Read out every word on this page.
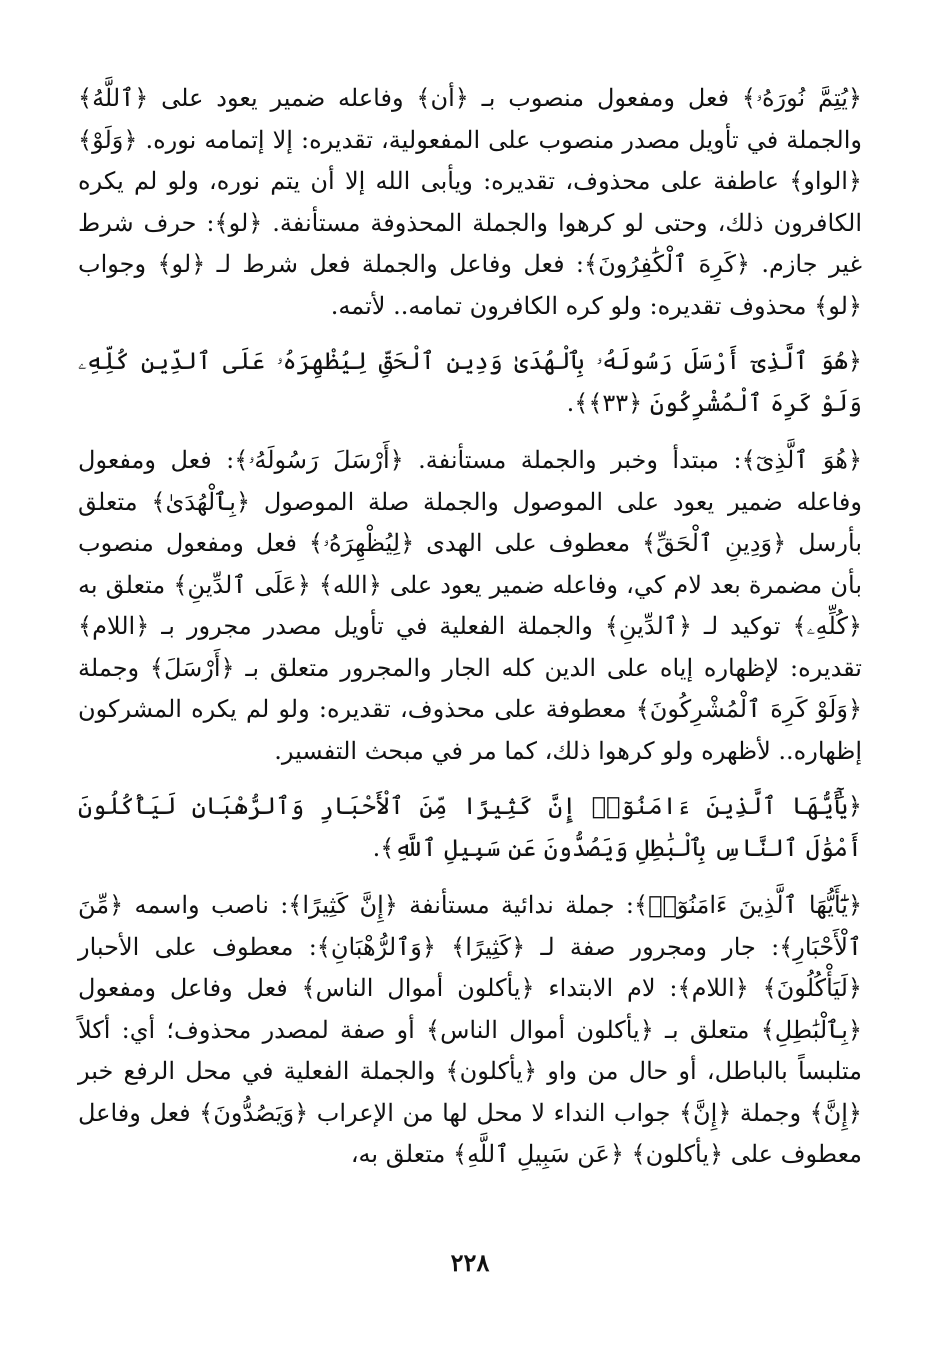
﴿يُتِمَّ نُورَهُۥ﴾ فعل ومفعول منصوب بـ ﴿أن﴾ وفاعله ضمير يعود على ﴿ٱللَّهُ﴾ والجملة في تأويل مصدر منصوب على المفعولية، تقديره: إلا إتمامه نوره. ﴿وَلَوْ﴾ ﴿الواو﴾ عاطفة على محذوف، تقديره: ويأبى الله إلا أن يتم نوره، ولو لم يكره الكافرون ذلك، وحتى لو كرهوا والجملة المحذوفة مستأنفة. ﴿لو﴾: حرف شرط غير جازم. ﴿كَرِهَ ٱلْكَٰفِرُونَ﴾: فعل وفاعل والجملة فعل شرط لـ ﴿لو﴾ وجواب ﴿لو﴾ محذوف تقديره: ولو كره الكافرون تمامه.. لأتمه.

﴿هُوَ ٱلَّذِىٓ أَرْسَلَ رَسُولَهُۥ بِٱلْهُدَىٰ وَدِينِ ٱلْحَقِّ لِيُظْهِرَهُۥ عَلَى ٱلدِّينِ كُلِّهِۦ وَلَوْ كَرِهَ ٱلْمُشْرِكُونَ ﴿٣٣﴾﴾.

﴿هُوَ ٱلَّذِىٓ﴾: مبتدأ وخبر والجملة مستأنفة. ﴿أَرْسَلَ رَسُولَهُۥ﴾: فعل ومفعول وفاعله ضمير يعود على الموصول والجملة صلة الموصول ﴿بِٱلْهُدَىٰ﴾ متعلق بأرسل ﴿وَدِينِ ٱلْحَقِّ﴾ معطوف على الهدى ﴿لِيُظْهِرَهُۥ﴾ فعل ومفعول منصوب بأن مضمرة بعد لام كي، وفاعله ضمير يعود على ﴿الله﴾ ﴿عَلَى ٱلدِّينِ﴾ متعلق به ﴿كُلِّهِۦ﴾ توكيد لـ ﴿ٱلدِّينِ﴾ والجملة الفعلية في تأويل مصدر مجرور بـ ﴿اللام﴾ تقديره: لإظهاره إياه على الدين كله الجار والمجرور متعلق بـ ﴿أَرْسَلَ﴾ وجملة ﴿وَلَوْ كَرِهَ ٱلْمُشْرِكُونَ﴾ معطوفة على محذوف، تقديره: ولو لم يكره المشركون إظهاره.. لأظهره ولو كرهوا ذلك، كما مر في مبحث التفسير.

﴿يَٰٓأَيُّهَا ٱلَّذِينَ ءَامَنُوٓا۟ إِنَّ كَثِيرًا مِّنَ ٱلْأَحْبَارِ وَٱلرُّهْبَانِ لَيَأْكُلُونَ أَمْوَٰلَ ٱلنَّاسِ بِٱلْبَٰطِلِ وَيَصُدُّونَ عَن سَبِيلِ ٱللَّهِ﴾.

﴿يَٰٓأَيُّهَا ٱلَّذِينَ ءَامَنُوٓا۟﴾: جملة ندائية مستأنفة ﴿إِنَّ كَثِيرًا﴾: ناصب واسمه ﴿مِّنَ ٱلْأَحْبَارِ﴾: جار ومجرور صفة لـ ﴿كَثِيرًا﴾ ﴿وَٱلرُّهْبَانِ﴾: معطوف على الأحبار ﴿لَيَأْكُلُونَ﴾ ﴿اللام﴾: لام الابتداء ﴿يأكلون أموال الناس﴾ فعل وفاعل ومفعول ﴿بِٱلْبَٰطِلِ﴾ متعلق بـ ﴿يأكلون أموال الناس﴾ أو صفة لمصدر محذوف؛ أي: أكلاً متلبساً بالباطل، أو حال من واو ﴿يأكلون﴾ والجملة الفعلية في محل الرفع خبر ﴿إِنَّ﴾ وجملة ﴿إِنَّ﴾ جواب النداء لا محل لها من الإعراب ﴿وَيَصُدُّونَ﴾ فعل وفاعل معطوف على ﴿يأكلون﴾ ﴿عَن سَبِيلِ ٱللَّهِ﴾ متعلق به،

٢٢٨
